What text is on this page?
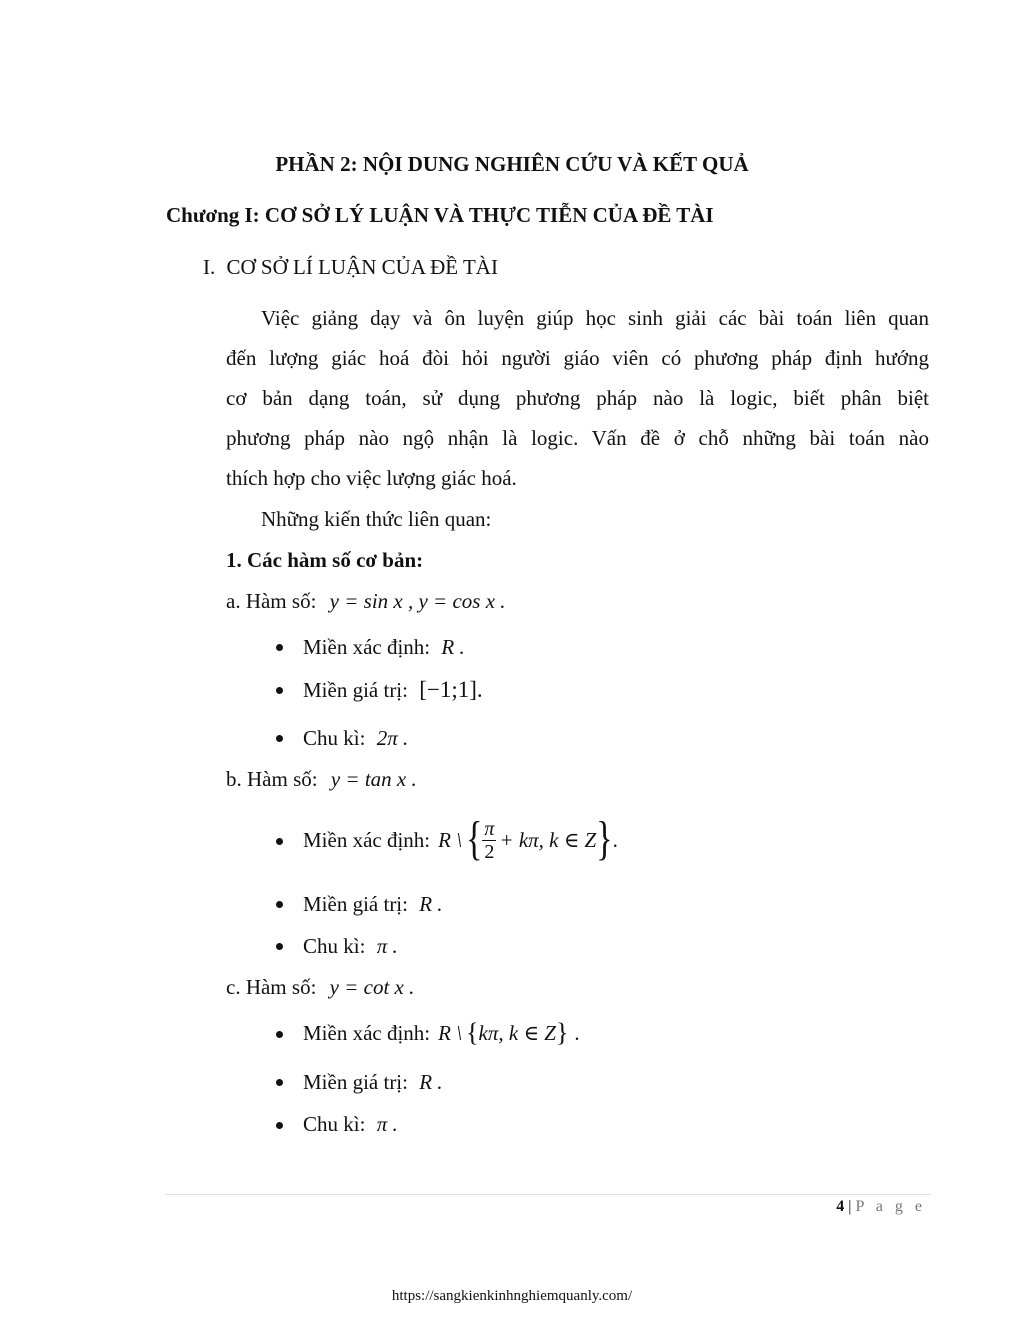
PHẦN 2: NỘI DUNG NGHIÊN CỨU VÀ KẾT QUẢ
Chương I: CƠ SỞ LÝ LUẬN VÀ THỰC TIỄN CỦA ĐỀ TÀI
I. CƠ SỞ LÍ LUẬN CỦA ĐỀ TÀI
Việc giảng dạy và ôn luyện giúp học sinh giải các bài toán liên quan
đến lượng giác hoá đòi hỏi người giáo viên có phương pháp định hướng
cơ bản dạng toán, sử dụng phương pháp nào là logic, biết phân biệt
phương pháp nào ngộ nhận là logic. Vấn đề ở chỗ những bài toán nào
thích hợp cho việc lượng giác hoá.
Những kiến thức liên quan:
1. Các hàm số cơ bản:
a. Hàm số: y = sin x , y = cos x .
Miền xác định: R .
Miền giá trị: [−1;1].
Chu kì: 2π .
b. Hàm số: y = tan x .
Miền xác định: R \ { $\frac{\pi}{2} + k\pi$, k ∈ Z } .
Miền giá trị: R .
Chu kì: π .
c. Hàm số: y = cot x .
Miền xác định: R \ { kπ, k ∈ Z } .
Miền giá trị: R .
Chu kì: π .
4 | P a g e
https://sangkienkinhnghiemquanly.com/
